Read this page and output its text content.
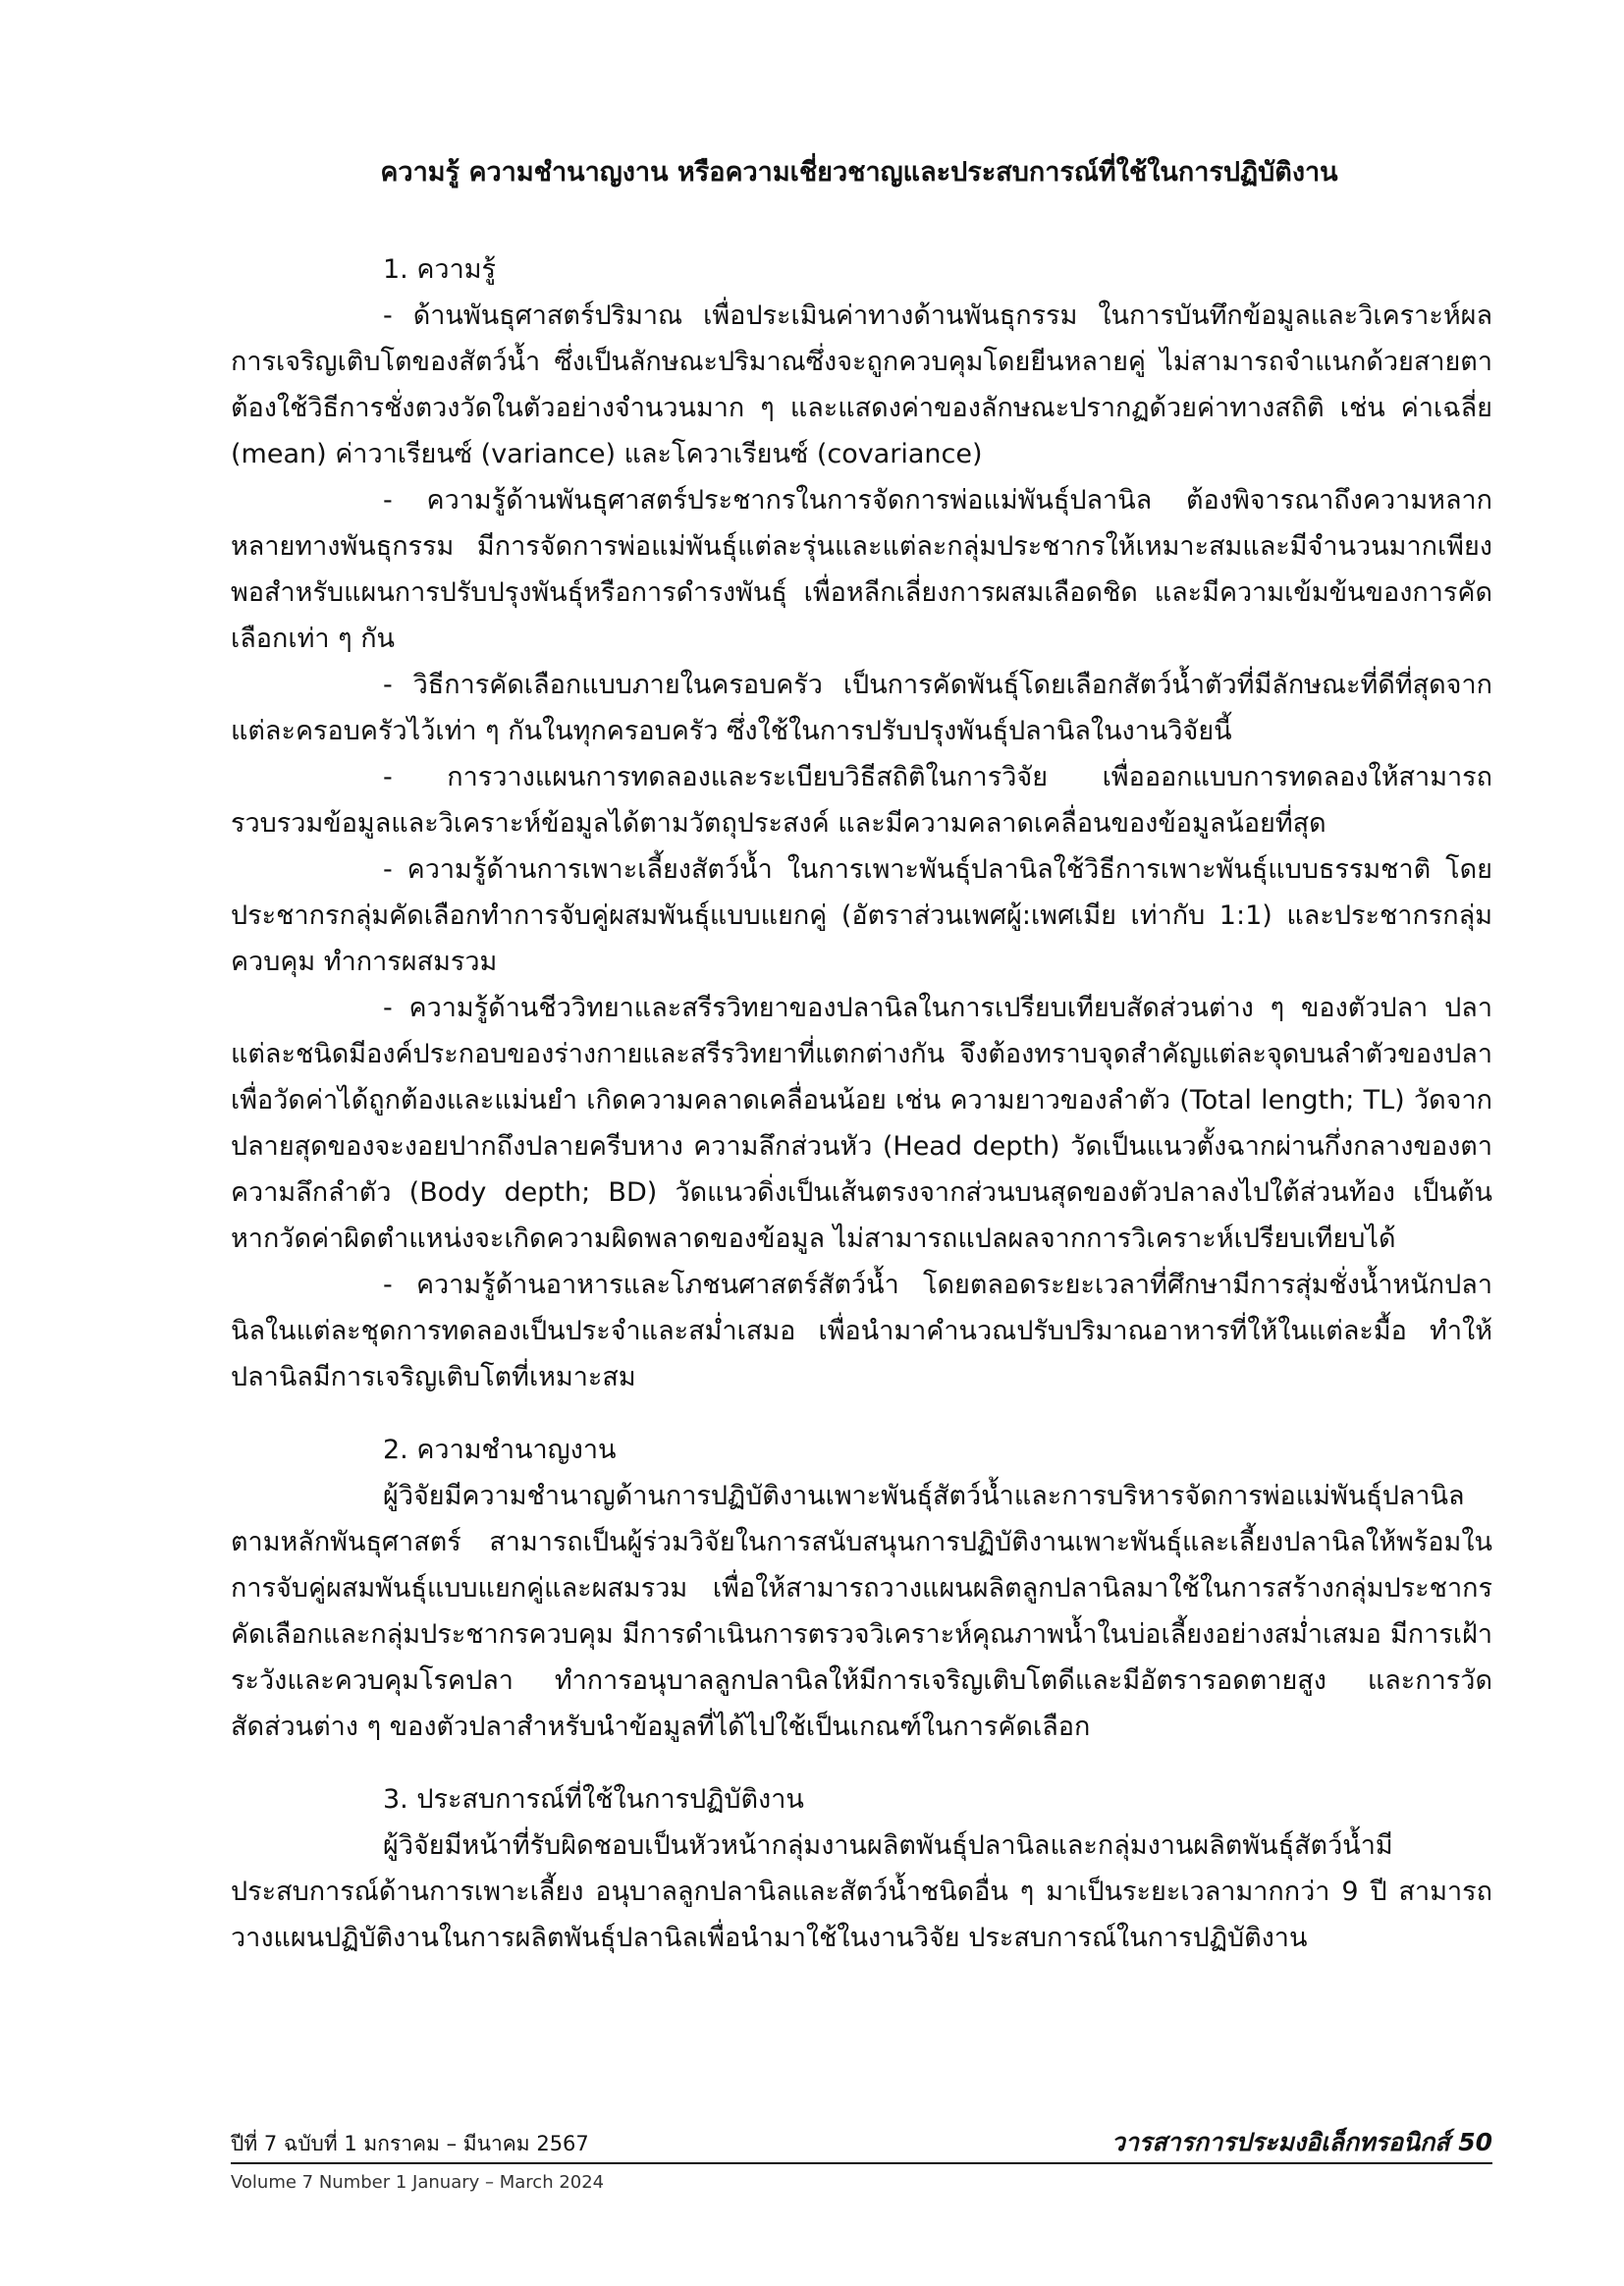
ความรู้ ความชำนาญงาน หรือความเชี่ยวชาญและประสบการณ์ที่ใช้ในการปฏิบัติงาน

1. ความรู้

- ด้านพันธุศาสตร์ปริมาณ เพื่อประเมินค่าทางด้านพันธุกรรม ในการบันทึกข้อมูลและวิเคราะห์ผลการเจริญเติบโตของสัตว์น้ำ ซึ่งเป็นลักษณะปริมาณซึ่งจะถูกควบคุมโดยยีนหลายคู่ ไม่สามารถจำแนกด้วยสายตา ต้องใช้วิธีการชั่งตวงวัดในตัวอย่างจำนวนมาก ๆ และแสดงค่าของลักษณะปรากฏด้วยค่าทางสถิติ เช่น ค่าเฉลี่ย (mean) ค่าวาเรียนซ์ (variance) และโควาเรียนซ์ (covariance)

- ความรู้ด้านพันธุศาสตร์ประชากรในการจัดการพ่อแม่พันธุ์ปลานิล ต้องพิจารณาถึงความหลากหลายทางพันธุกรรม มีการจัดการพ่อแม่พันธุ์แต่ละรุ่นและแต่ละกลุ่มประชากรให้เหมาะสมและมีจำนวนมากเพียงพอสำหรับแผนการปรับปรุงพันธุ์หรือการดำรงพันธุ์ เพื่อหลีกเลี่ยงการผสมเลือดชิด และมีความเข้มข้นของการคัดเลือกเท่า ๆ กัน

- วิธีการคัดเลือกแบบภายในครอบครัว เป็นการคัดพันธุ์โดยเลือกสัตว์น้ำตัวที่มีลักษณะที่ดีที่สุดจากแต่ละครอบครัวไว้เท่า ๆ กันในทุกครอบครัว ซึ่งใช้ในการปรับปรุงพันธุ์ปลานิลในงานวิจัยนี้

- การวางแผนการทดลองและระเบียบวิธีสถิติในการวิจัย เพื่อออกแบบการทดลองให้สามารถรวบรวมข้อมูลและวิเคราะห์ข้อมูลได้ตามวัตถุประสงค์ และมีความคลาดเคลื่อนของข้อมูลน้อยที่สุด

- ความรู้ด้านการเพาะเลี้ยงสัตว์น้ำ ในการเพาะพันธุ์ปลานิลใช้วิธีการเพาะพันธุ์แบบธรรมชาติ โดยประชากรกลุ่มคัดเลือกทำการจับคู่ผสมพันธุ์แบบแยกคู่ (อัตราส่วนเพศผู้:เพศเมีย เท่ากับ 1:1) และประชากรกลุ่มควบคุม ทำการผสมรวม

- ความรู้ด้านชีววิทยาและสรีรวิทยาของปลานิลในการเปรียบเทียบสัดส่วนต่าง ๆ ของตัวปลา ปลาแต่ละชนิดมีองค์ประกอบของร่างกายและสรีรวิทยาที่แตกต่างกัน จึงต้องทราบจุดสำคัญแต่ละจุดบนลำตัวของปลา เพื่อวัดค่าได้ถูกต้องและแม่นยำ เกิดความคลาดเคลื่อนน้อย เช่น ความยาวของลำตัว (Total length; TL) วัดจากปลายสุดของจะงอยปากถึงปลายครีบหาง ความลึกส่วนหัว (Head depth) วัดเป็นแนวตั้งฉากผ่านกึ่งกลางของตา ความลึกลำตัว (Body depth; BD) วัดแนวดิ่งเป็นเส้นตรงจากส่วนบนสุดของตัวปลาลงไปใต้ส่วนท้อง เป็นต้น หากวัดค่าผิดตำแหน่งจะเกิดความผิดพลาดของข้อมูล ไม่สามารถแปลผลจากการวิเคราะห์เปรียบเทียบได้

- ความรู้ด้านอาหารและโภชนศาสตร์สัตว์น้ำ โดยตลอดระยะเวลาที่ศึกษามีการสุ่มชั่งน้ำหนักปลานิลในแต่ละชุดการทดลองเป็นประจำและสม่ำเสมอ เพื่อนำมาคำนวณปรับปริมาณอาหารที่ให้ในแต่ละมื้อ ทำให้ปลานิลมีการเจริญเติบโตที่เหมาะสม

2. ความชำนาญงาน

ผู้วิจัยมีความชำนาญด้านการปฏิบัติงานเพาะพันธุ์สัตว์น้ำและการบริหารจัดการพ่อแม่พันธุ์ปลานิลตามหลักพันธุศาสตร์ สามารถเป็นผู้ร่วมวิจัยในการสนับสนุนการปฏิบัติงานเพาะพันธุ์และเลี้ยงปลานิลให้พร้อมในการจับคู่ผสมพันธุ์แบบแยกคู่และผสมรวม เพื่อให้สามารถวางแผนผลิตลูกปลานิลมาใช้ในการสร้างกลุ่มประชากรคัดเลือกและกลุ่มประชากรควบคุม มีการดำเนินการตรวจวิเคราะห์คุณภาพน้ำในบ่อเลี้ยงอย่างสม่ำเสมอ มีการเฝ้าระวังและควบคุมโรคปลา ทำการอนุบาลลูกปลานิลให้มีการเจริญเติบโตดีและมีอัตรารอดตายสูง และการวัดสัดส่วนต่าง ๆ ของตัวปลาสำหรับนำข้อมูลที่ได้ไปใช้เป็นเกณฑ์ในการคัดเลือก

3. ประสบการณ์ที่ใช้ในการปฏิบัติงาน

ผู้วิจัยมีหน้าที่รับผิดชอบเป็นหัวหน้ากลุ่มงานผลิตพันธุ์ปลานิลและกลุ่มงานผลิตพันธุ์สัตว์น้ำมีประสบการณ์ด้านการเพาะเลี้ยง อนุบาลลูกปลานิลและสัตว์น้ำชนิดอื่น ๆ มาเป็นระยะเวลามากกว่า 9 ปี สามารถวางแผนปฏิบัติงานในการผลิตพันธุ์ปลานิลเพื่อนำมาใช้ในงานวิจัย ประสบการณ์ในการปฏิบัติงาน

ปีที่ 7 ฉบับที่ 1 มกราคม – มีนาคม 2567	วารสารการประมงอิเล็กทรอนิกส์ 50
Volume 7 Number 1 January – March 2024
